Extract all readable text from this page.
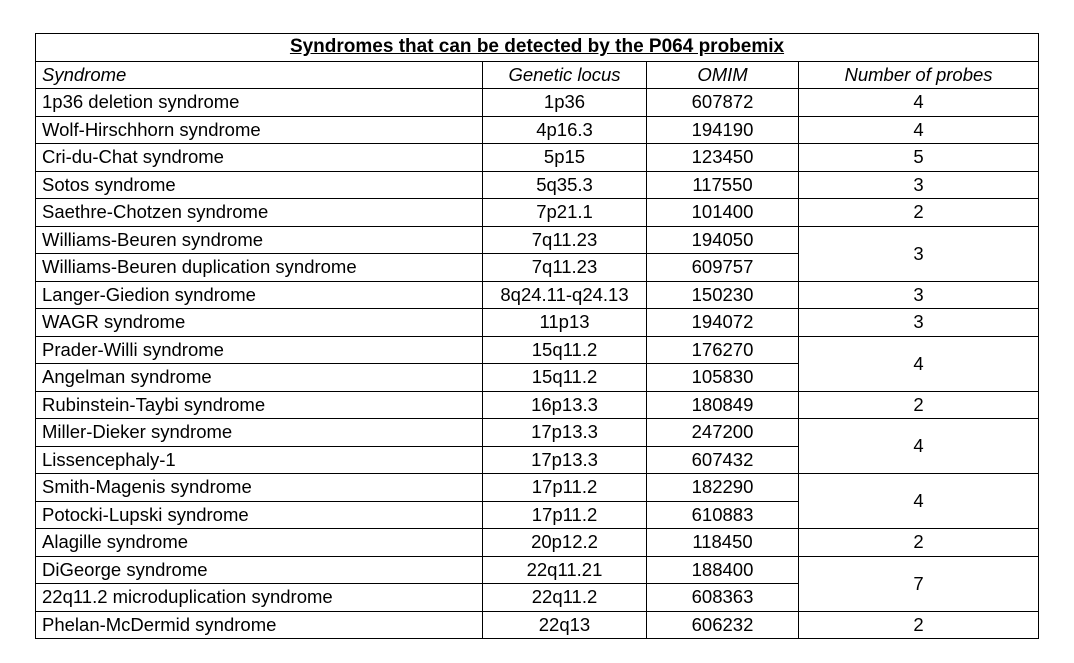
Syndromes that can be detected by the P064 probemix			
Syndrome	Genetic locus	OMIM	Number of probes
1p36 deletion syndrome	1p36	607872	4
Wolf-Hirschhorn syndrome	4p16.3	194190	4
Cri-du-Chat syndrome	5p15	123450	5
Sotos syndrome	5q35.3	117550	3
Saethre-Chotzen syndrome	7p21.1	101400	2
Williams-Beuren syndrome	7q11.23	194050	3
Williams-Beuren duplication syndrome	7q11.23	609757	
Langer-Giedion syndrome	8q24.11-q24.13	150230	3
WAGR syndrome	11p13	194072	3
Prader-Willi syndrome	15q11.2	176270	4
Angelman syndrome	15q11.2	105830	
Rubinstein-Taybi syndrome	16p13.3	180849	2
Miller-Dieker syndrome	17p13.3	247200	4
Lissencephaly-1	17p13.3	607432	
Smith-Magenis syndrome	17p11.2	182290	4
Potocki-Lupski syndrome	17p11.2	610883	
Alagille syndrome	20p12.2	118450	2
DiGeorge syndrome	22q11.21	188400	7
22q11.2 microduplication syndrome	22q11.2	608363	
Phelan-McDermid syndrome	22q13	606232	2
